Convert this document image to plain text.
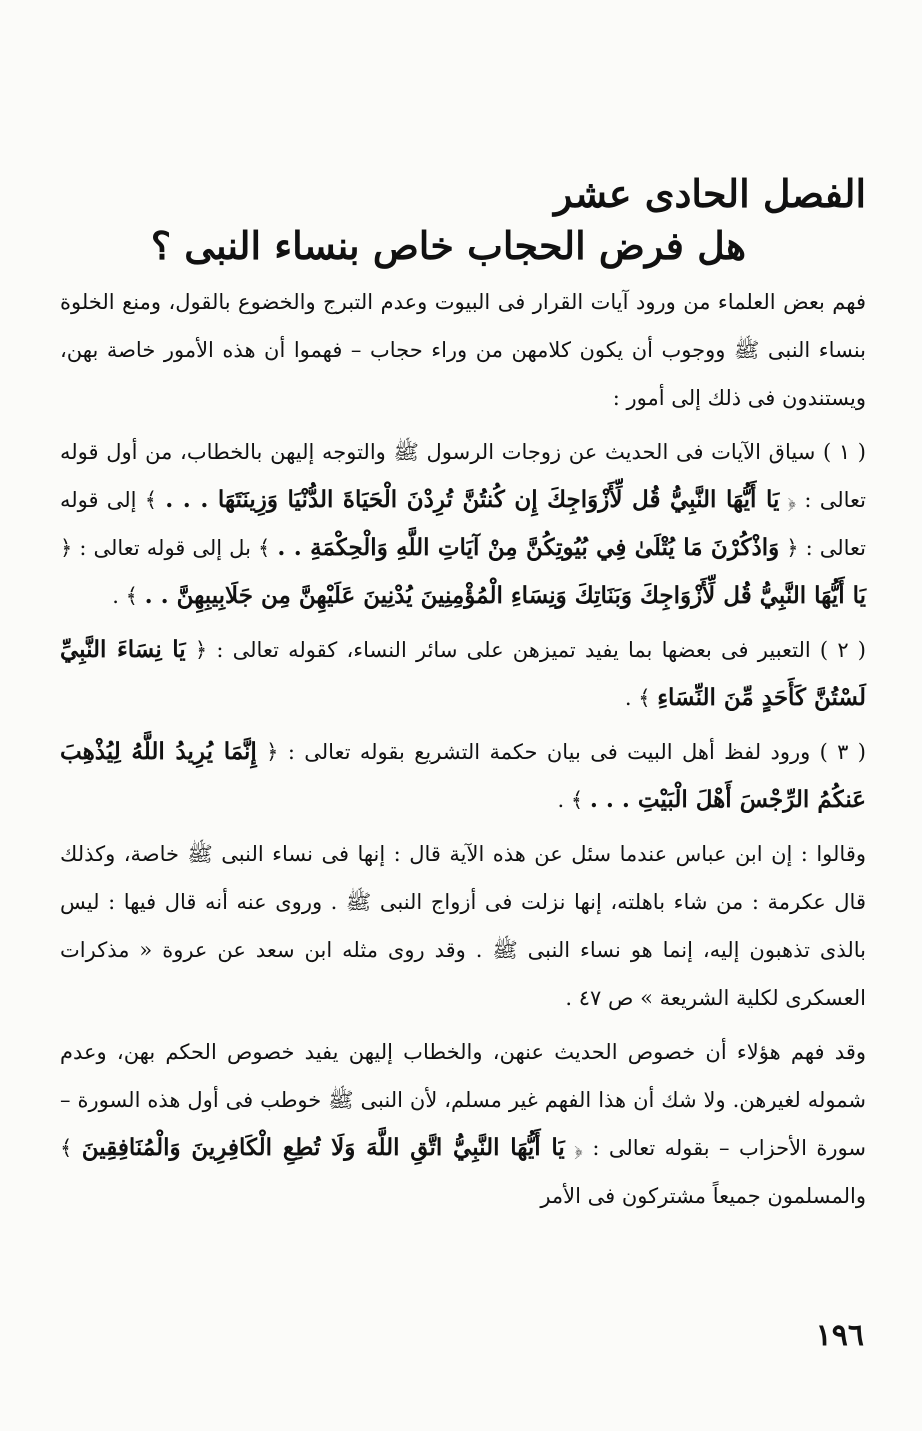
الفصل الحادى عشر
هل فرض الحجاب خاص بنساء النبى ؟

فهم بعض العلماء من ورود آيات القرار فى البيوت وعدم التبرج والخضوع بالقول، ومنع الخلوة بنساء النبى ﷺ ووجوب أن يكون كلامهن من وراء حجاب – فهموا أن هذه الأمور خاصة بهن، ويستندون فى ذلك إلى أمور :

( ١ ) سياق الآيات فى الحديث عن زوجات الرسول ﷺ والتوجه إليهن بالخطاب، من أول قوله تعالى : ﴿ يَا أَيُّهَا النَّبِيُّ قُل لِّأَزْوَاجِكَ إِن كُنتُنَّ تُرِدْنَ الْحَيَاةَ الدُّنْيَا وَزِينَتَهَا . . . ﴾ إلى قوله تعالى : ﴿ وَاذْكُرْنَ مَا يُتْلَىٰ فِي بُيُوتِكُنَّ مِنْ آيَاتِ اللَّهِ وَالْحِكْمَةِ . . ﴾ بل إلى قوله تعالى : ﴿ يَا أَيُّهَا النَّبِيُّ قُل لِّأَزْوَاجِكَ وَبَنَاتِكَ وَنِسَاءِ الْمُؤْمِنِينَ يُدْنِينَ عَلَيْهِنَّ مِن جَلَابِيبِهِنَّ . . ﴾ .

( ٢ ) التعبير فى بعضها بما يفيد تميزهن على سائر النساء، كقوله تعالى : ﴿ يَا نِسَاءَ النَّبِيِّ لَسْتُنَّ كَأَحَدٍ مِّنَ النِّسَاءِ ﴾ .

( ٣ ) ورود لفظ أهل البيت فى بيان حكمة التشريع بقوله تعالى : ﴿ إِنَّمَا يُرِيدُ اللَّهُ لِيُذْهِبَ عَنكُمُ الرِّجْسَ أَهْلَ الْبَيْتِ . . . ﴾ .

وقالوا : إن ابن عباس عندما سئل عن هذه الآية قال : إنها فى نساء النبى ﷺ خاصة، وكذلك قال عكرمة : من شاء باهلته، إنها نزلت فى أزواج النبى ﷺ . وروى عنه أنه قال فيها : ليس بالذى تذهبون إليه، إنما هو نساء النبى ﷺ . وقد روى مثله ابن سعد عن عروة « مذكرات العسكرى لكلية الشريعة » ص ٤٧ .

وقد فهم هؤلاء أن خصوص الحديث عنهن، والخطاب إليهن يفيد خصوص الحكم بهن، وعدم شموله لغيرهن. ولا شك أن هذا الفهم غير مسلم، لأن النبى ﷺ خوطب فى أول هذه السورة – سورة الأحزاب – بقوله تعالى : ﴿ يَا أَيُّهَا النَّبِيُّ اتَّقِ اللَّهَ وَلَا تُطِعِ الْكَافِرِينَ وَالْمُنَافِقِينَ ﴾ والمسلمون جميعاً مشتركون فى الأمر

١٩٦
